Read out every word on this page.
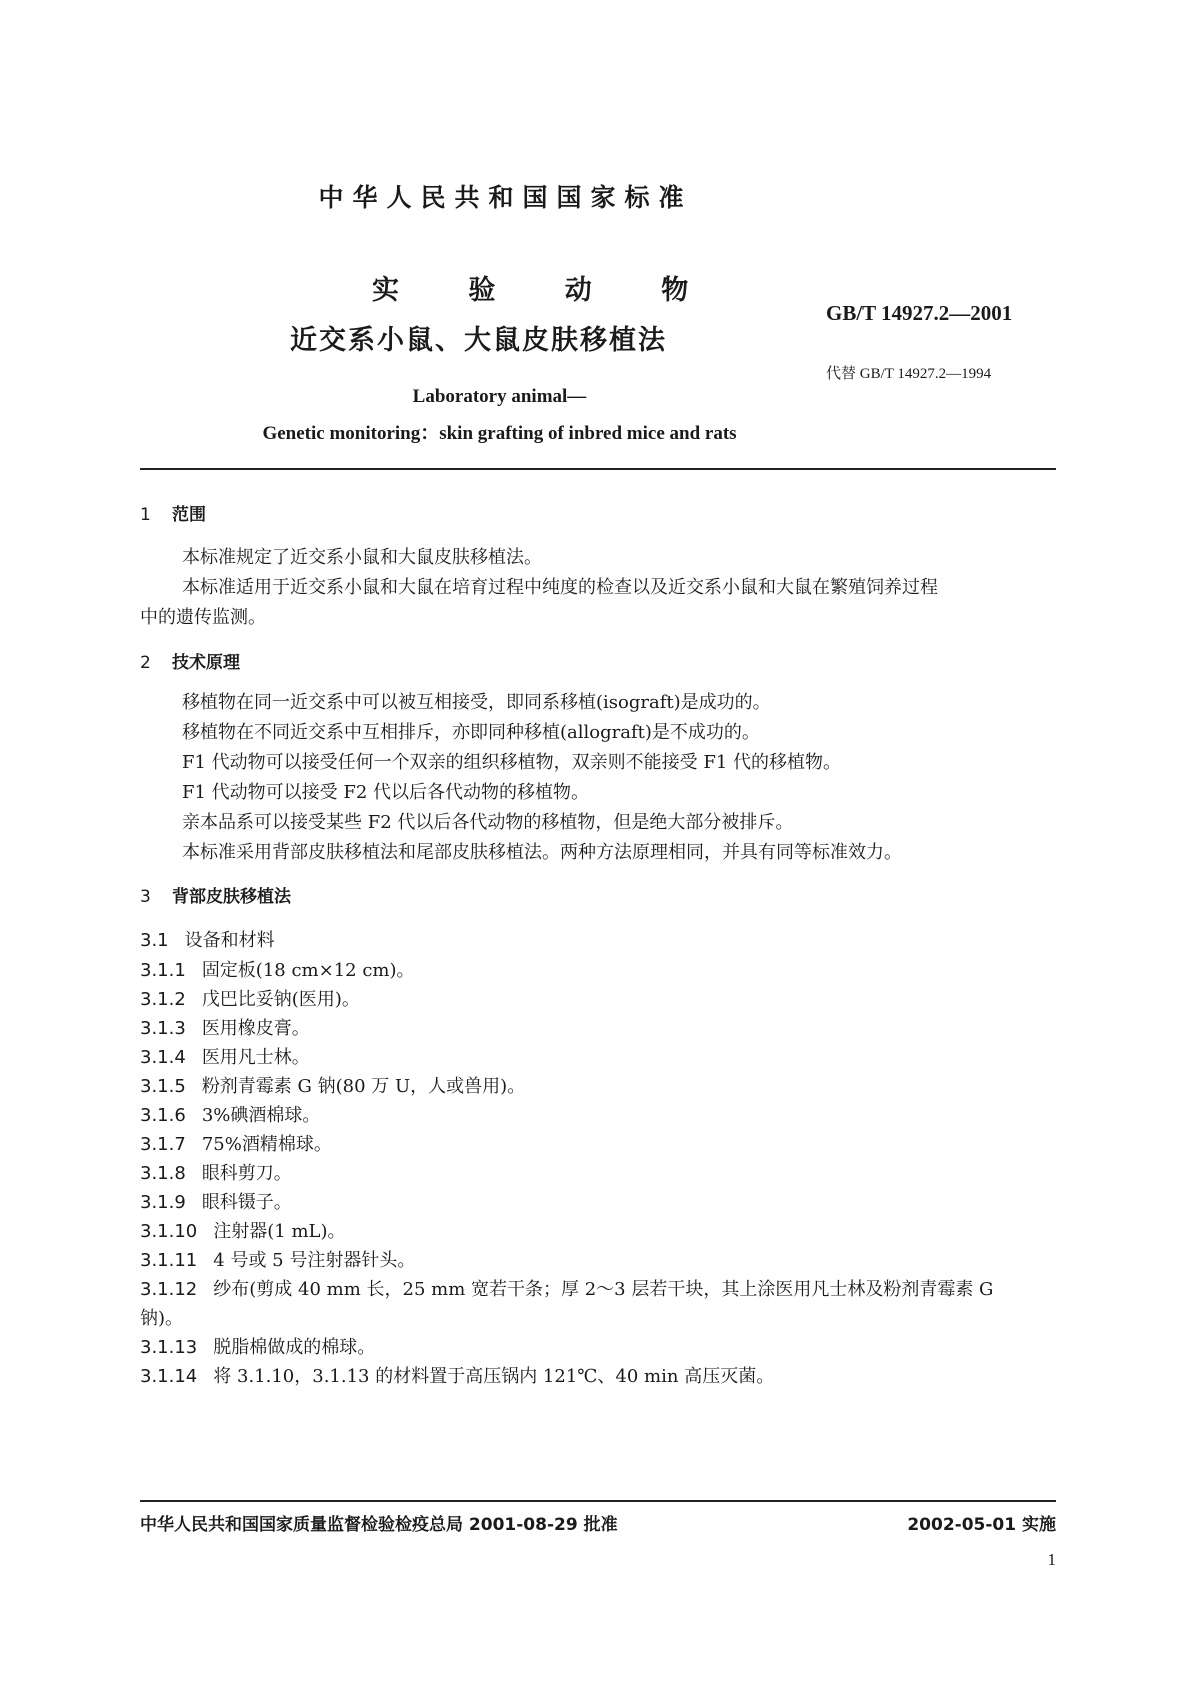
中华人民共和国国家标准
实 验 动 物
近交系小鼠、大鼠皮肤移植法
GB/T 14927.2—2001
代替 GB/T 14927.2—1994
Laboratory animal—
Genetic monitoring：skin grafting of inbred mice and rats
1 范围
本标准规定了近交系小鼠和大鼠皮肤移植法。
本标准适用于近交系小鼠和大鼠在培育过程中纯度的检查以及近交系小鼠和大鼠在繁殖饲养过程
中的遗传监测。
2 技术原理
移植物在同一近交系中可以被互相接受，即同系移植(isograft)是成功的。
移植物在不同近交系中互相排斥，亦即同种移植(allograft)是不成功的。
F1 代动物可以接受任何一个双亲的组织移植物，双亲则不能接受 F1 代的移植物。
F1 代动物可以接受 F2 代以后各代动物的移植物。
亲本品系可以接受某些 F2 代以后各代动物的移植物，但是绝大部分被排斥。
本标准采用背部皮肤移植法和尾部皮肤移植法。两种方法原理相同，并具有同等标准效力。
3 背部皮肤移植法
3.1 设备和材料
3.1.1 固定板(18 cm×12 cm)。
3.1.2 戊巴比妥钠(医用)。
3.1.3 医用橡皮膏。
3.1.4 医用凡士林。
3.1.5 粉剂青霉素 G 钠(80 万 U，人或兽用)。
3.1.6 3%碘酒棉球。
3.1.7 75%酒精棉球。
3.1.8 眼科剪刀。
3.1.9 眼科镊子。
3.1.10 注射器(1 mL)。
3.1.11 4 号或 5 号注射器针头。
3.1.12 纱布(剪成 40 mm 长，25 mm 宽若干条；厚 2～3 层若干块，其上涂医用凡士林及粉剂青霉素 G
钠)。
3.1.13 脱脂棉做成的棉球。
3.1.14 将 3.1.10，3.1.13 的材料置于高压锅内 121℃、40 min 高压灭菌。
中华人民共和国国家质量监督检验检疫总局 2001-08-29 批准	2002-05-01 实施
1
